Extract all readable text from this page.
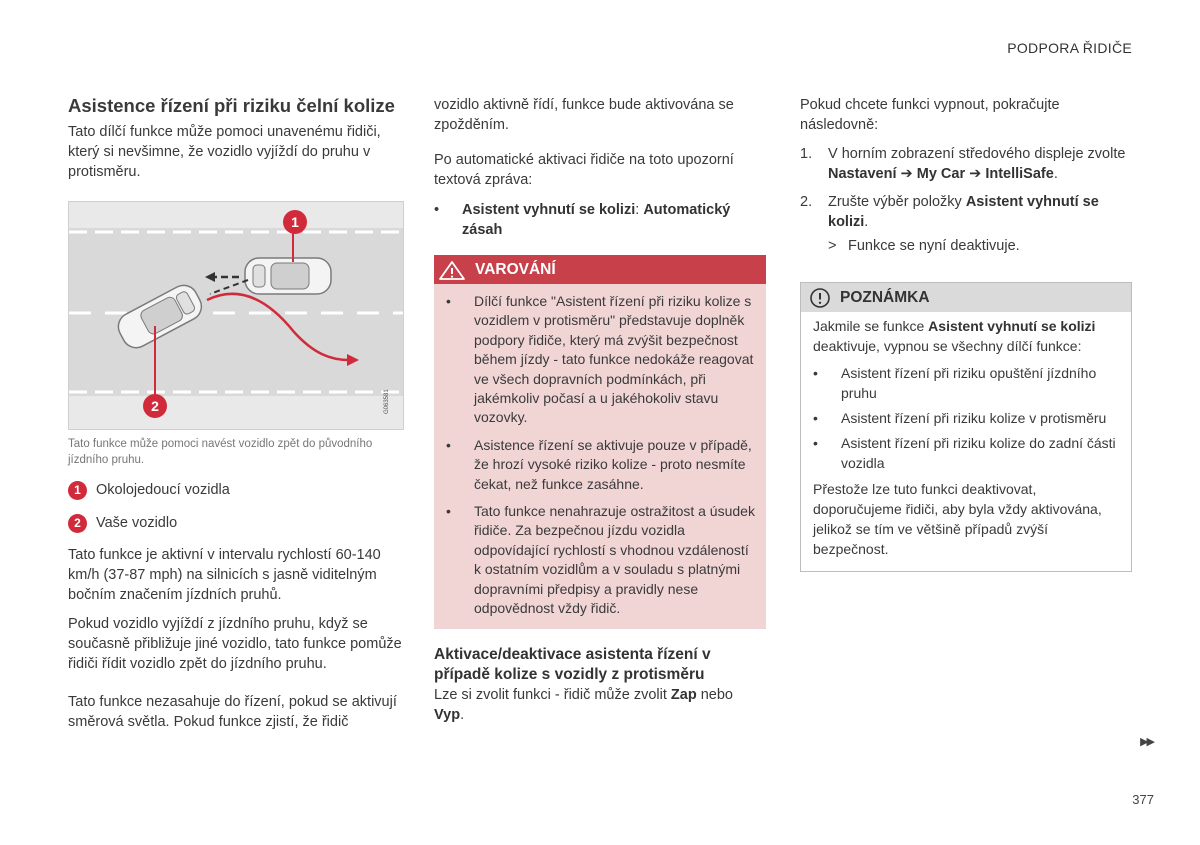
PODPORA ŘIDIČE
Asistence řízení při riziku čelní kolize

Tato dílčí funkce může pomoci unavenému řidiči, který si nevšimne, že vozidlo vyjíždí do pruhu v protisměru.

1
2	G063581
Tato funkce může pomoci navést vozidlo zpět do původního jízdního pruhu.
1	Okolojedoucí vozidla
2	Vaše vozidlo

Tato funkce je aktivní v intervalu rychlostí 60-140 km/h (37-87 mph) na silnicích s jasně viditelným bočním značením jízdních pruhů.

Pokud vozidlo vyjíždí z jízdního pruhu, když se současně přibližuje jiné vozidlo, tato funkce pomůže řidiči řídit vozidlo zpět do jízdního pruhu.

Tato funkce nezasahuje do řízení, pokud se aktivují směrová světla. Pokud funkce zjistí, že řidič

vozidlo aktivně řídí, funkce bude aktivována se zpožděním.

Po automatické aktivaci řidiče na toto upozorní textová zpráva:

•	Asistent vyhnutí se kolizi: Automatický zásah
VAROVÁNÍ
•	Dílčí funkce "Asistent řízení při riziku kolize s vozidlem v protisměru" představuje doplněk podpory řidiče, který má zvýšit bezpečnost během jízdy - tato funkce nedokáže reagovat ve všech dopravních podmínkách, při jakémkoliv počasí a u jakéhokoliv stavu vozovky.
•	Asistence řízení se aktivuje pouze v případě, že hrozí vysoké riziko kolize - proto nesmíte čekat, než funkce zasáhne.
•	Tato funkce nenahrazuje ostražitost a úsudek řidiče. Za bezpečnou jízdu vozidla odpovídající rychlostí s vhodnou vzdáleností k ostatním vozidlům a v souladu s platnými dopravními předpisy a pravidly nese odpovědnost vždy řidič.
Aktivace/deaktivace asistenta řízení v případě kolize s vozidly z protisměru

Lze si zvolit funkci - řidič může zvolit Zap nebo Vyp.

Pokud chcete funkci vypnout, pokračujte následovně:

1.	V horním zobrazení středového displeje zvolte
Nastavení ➔ My Car ➔ IntelliSafe.
2.	Zrušte výběr položky Asistent vyhnutí se kolizi.
> Funkce se nyní deaktivuje.
POZNÁMKA

Jakmile se funkce Asistent vyhnutí se kolizi deaktivuje, vypnou se všechny dílčí funkce:

•	Asistent řízení při riziku opuštění jízdního pruhu
•	Asistent řízení při riziku kolize v protisměru
•	Asistent řízení při riziku kolize do zadní části vozidla

Přestože lze tuto funkci deaktivovat, doporučujeme řidiči, aby byla vždy aktivována, jelikož se tím ve většině případů zvýší bezpečnost.

▶▶
377
